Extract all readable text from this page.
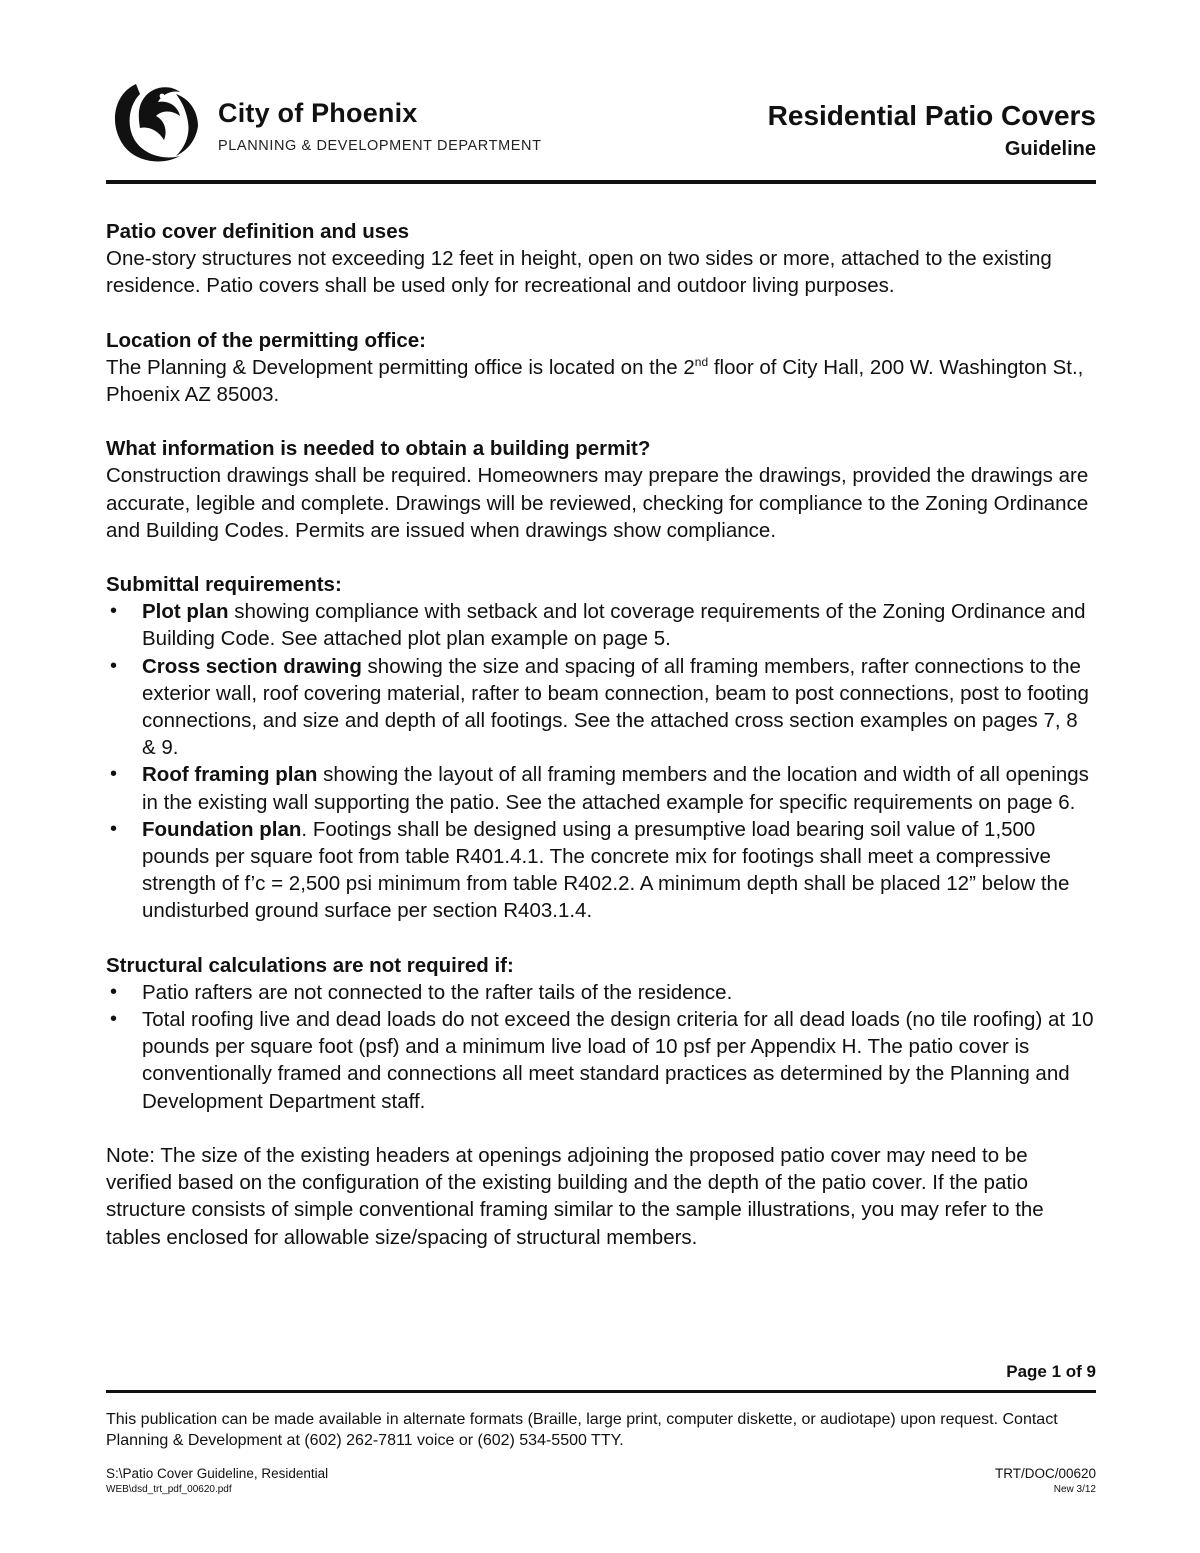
City of Phoenix
PLANNING & DEVELOPMENT DEPARTMENT
Residential Patio Covers
Guideline

Patio cover definition and uses

One-story structures not exceeding 12 feet in height, open on two sides or more, attached to the existing residence. Patio covers shall be used only for recreational and outdoor living purposes.

Location of the permitting office:

The Planning & Development permitting office is located on the 2nd floor of City Hall, 200 W. Washington St., Phoenix AZ 85003.

What information is needed to obtain a building permit?

Construction drawings shall be required. Homeowners may prepare the drawings, provided the drawings are accurate, legible and complete. Drawings will be reviewed, checking for compliance to the Zoning Ordinance and Building Codes. Permits are issued when drawings show compliance.

Submittal requirements:

• Plot plan showing compliance with setback and lot coverage requirements of the Zoning Ordinance and Building Code. See attached plot plan example on page 5.
• Cross section drawing showing the size and spacing of all framing members, rafter connections to the exterior wall, roof covering material, rafter to beam connection, beam to post connections, post to footing connections, and size and depth of all footings. See the attached cross section examples on pages 7, 8 & 9.
• Roof framing plan showing the layout of all framing members and the location and width of all openings in the existing wall supporting the patio. See the attached example for specific requirements on page 6.
• Foundation plan. Footings shall be designed using a presumptive load bearing soil value of 1,500 pounds per square foot from table R401.4.1. The concrete mix for footings shall meet a compressive strength of f’c = 2,500 psi minimum from table R402.2. A minimum depth shall be placed 12” below the undisturbed ground surface per section R403.1.4.

Structural calculations are not required if:

• Patio rafters are not connected to the rafter tails of the residence.
• Total roofing live and dead loads do not exceed the design criteria for all dead loads (no tile roofing) at 10 pounds per square foot (psf) and a minimum live load of 10 psf per Appendix H. The patio cover is conventionally framed and connections all meet standard practices as determined by the Planning and Development Department staff.

Note: The size of the existing headers at openings adjoining the proposed patio cover may need to be verified based on the configuration of the existing building and the depth of the patio cover. If the patio structure consists of simple conventional framing similar to the sample illustrations, you may refer to the tables enclosed for allowable size/spacing of structural members.

Page 1 of 9
This publication can be made available in alternate formats (Braille, large print, computer diskette, or audiotape) upon request. Contact Planning & Development at (602) 262-7811 voice or (602) 534-5500 TTY.
S:\Patio Cover Guideline, Residential
WEB\dsd_trt_pdf_00620.pdf
TRT/DOC/00620
New 3/12
